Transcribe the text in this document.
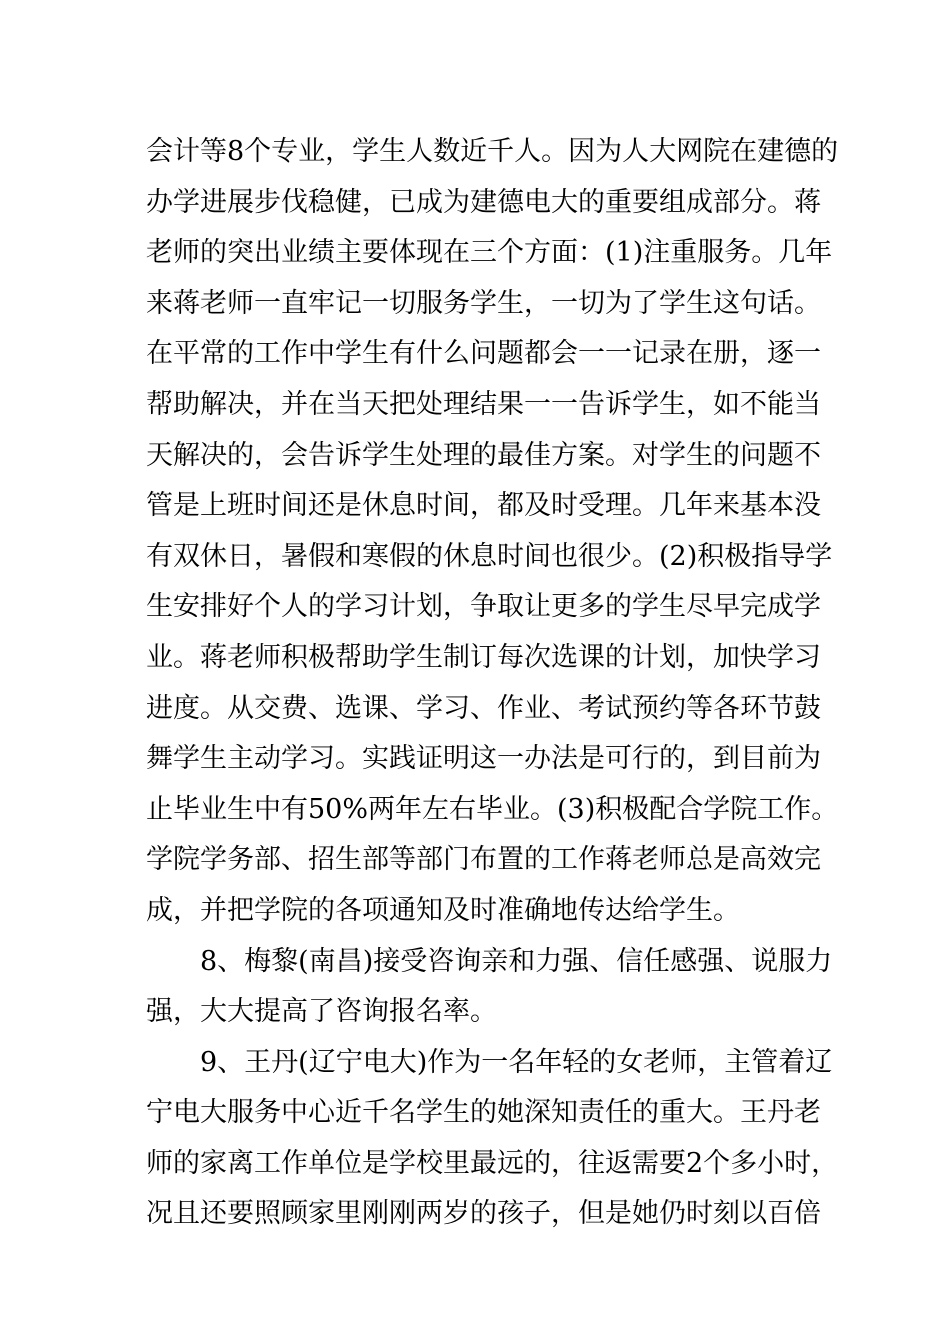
会计等8个专业，学生人数近千人。因为人大网院在建德的
办学进展步伐稳健，已成为建德电大的重要组成部分。蒋
老师的突出业绩主要体现在三个方面：(1)注重服务。几年
来蒋老师一直牢记一切服务学生，一切为了学生这句话。
在平常的工作中学生有什么问题都会一一记录在册，逐一
帮助解决，并在当天把处理结果一一告诉学生，如不能当
天解决的，会告诉学生处理的最佳方案。对学生的问题不
管是上班时间还是休息时间，都及时受理。几年来基本没
有双休日，暑假和寒假的休息时间也很少。(2)积极指导学
生安排好个人的学习计划，争取让更多的学生尽早完成学
业。蒋老师积极帮助学生制订每次选课的计划，加快学习
进度。从交费、选课、学习、作业、考试预约等各环节鼓
舞学生主动学习。实践证明这一办法是可行的，到目前为
止毕业生中有50%两年左右毕业。(3)积极配合学院工作。
学院学务部、招生部等部门布置的工作蒋老师总是高效完
成，并把学院的各项通知及时准确地传达给学生。
8、梅黎(南昌)接受咨询亲和力强、信任感强、说服力
强，大大提高了咨询报名率。
9、王丹(辽宁电大)作为一名年轻的女老师，主管着辽
宁电大服务中心近千名学生的她深知责任的重大。王丹老
师的家离工作单位是学校里最远的，往返需要2个多小时，
况且还要照顾家里刚刚两岁的孩子，但是她仍时刻以百倍
